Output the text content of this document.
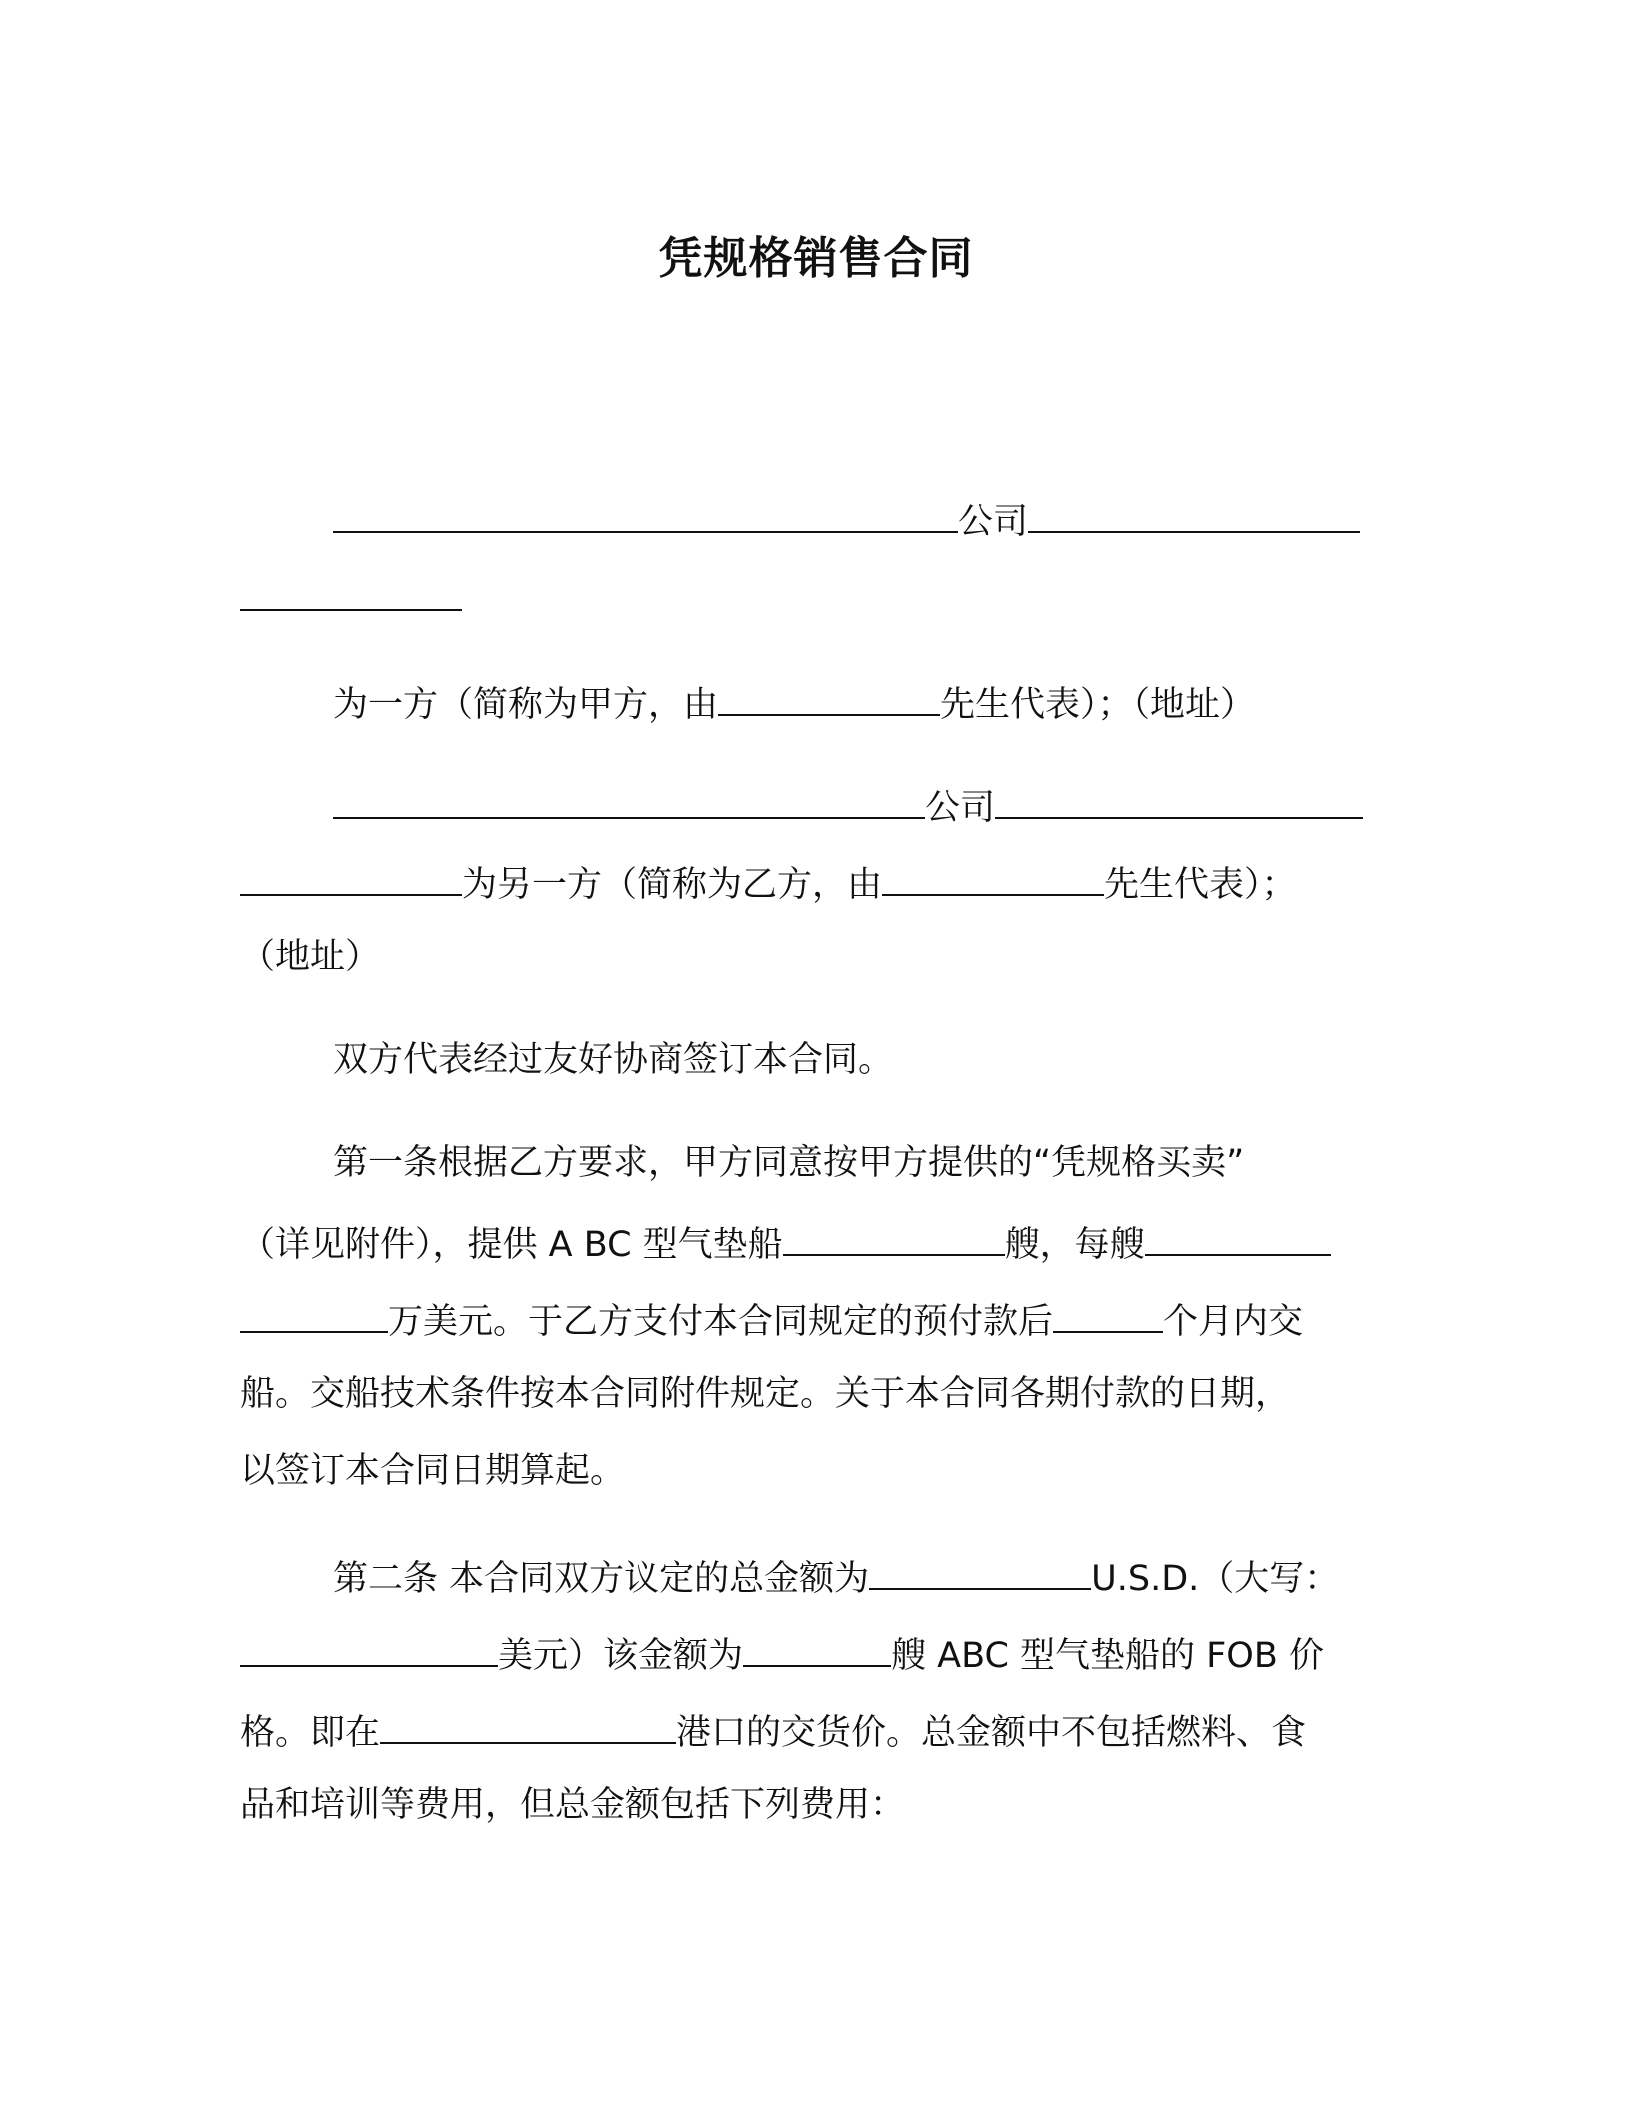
凭规格销售合同
公司
为一方（简称为甲方，由	先生代表）；（地址）
公司
为另一方（简称为乙方，由	先生代表）；
（地址）
双方代表经过友好协商签订本合同。
第一条根据乙方要求，甲方同意按甲方提供的“凭规格买卖”
（详见附件），提供 A BC 型气垫船	艘，每艘
万美元。于乙方支付本合同规定的预付款后	个月内交
船。交船技术条件按本合同附件规定。关于本合同各期付款的日期，
以签订本合同日期算起。
第二条 本合同双方议定的总金额为	U.S.D.（大写：
美元）该金额为	艘 ABC 型气垫船的 FOB 价
格。即在	港口的交货价。总金额中不包括燃料、食
品和培训等费用，但总金额包括下列费用：
